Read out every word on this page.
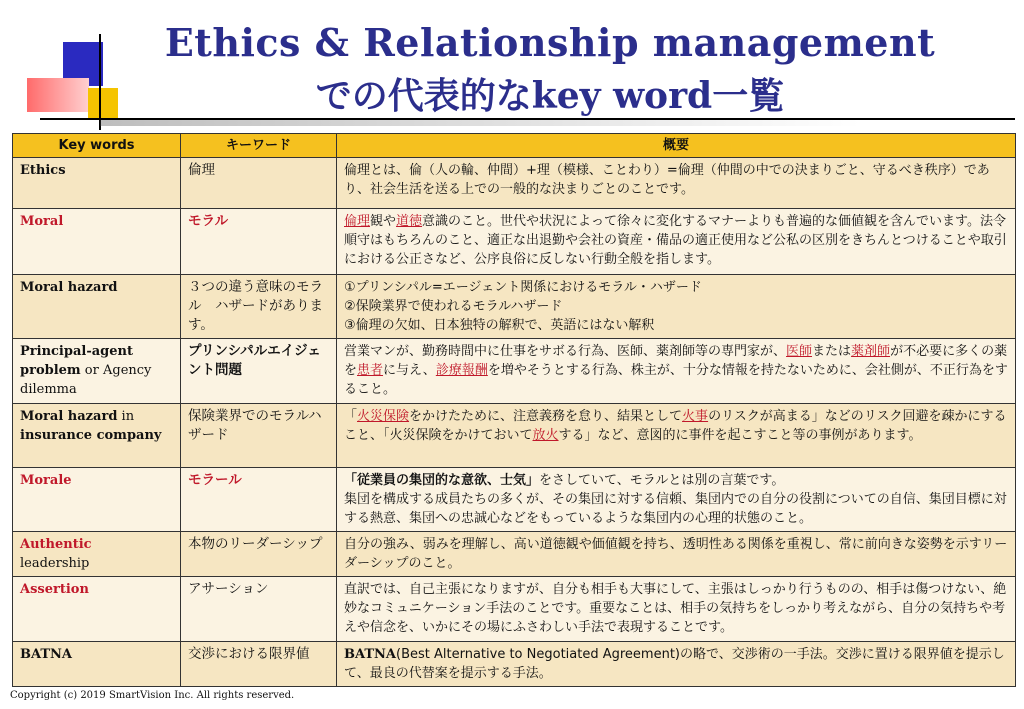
Ethics & Relationship management
での代表的なkey word一覧
Key words	キーワード	概要
Ethics	倫理	倫理とは、倫（人の輪、仲間）+理（模様、ことわり）=倫理（仲間の中での決まりごと、守るべき秩序）であり、社会生活を送る上での一般的な決まりごとのことです。
Moral	モラル	倫理観や道徳意識のこと。世代や状況によって徐々に変化するマナーよりも普遍的な価値観を含んでいます。法令順守はもちろんのこと、適正な出退勤や会社の資産・備品の適正使用など公私の区別をきちんとつけることや取引における公正さなど、公序良俗に反しない行動全般を指します。
Moral hazard	３つの違う意味のモラル　ハザードがあります。	①プリンシパル=エージェント関係におけるモラル・ハザード
②保険業界で使われるモラルハザード
③倫理の欠如、日本独特の解釈で、英語にはない解釈

Principal-agent problem or Agency dilemma	プリンシパルエイジェント問題	営業マンが、勤務時間中に仕事をサボる行為、医師、薬剤師等の専門家が、医師または薬剤師が不必要に多くの薬を患者に与え、診療報酬を増やそうとする行為、株主が、十分な情報を持たないために、会社側が、不正行為をすること。
Moral hazard in
insurance company	保険業界でのモラルハザード	「火災保険をかけたために、注意義務を怠り、結果として火事のリスクが高まる」などのリスク回避を疎かにすること、「火災保険をかけておいて放火する」など、意図的に事件を起こすこと等の事例があります。
Morale	モラール	「従業員の集団的な意欲、士気」をさしていて、モラルとは別の言葉です。
集団を構成する成員たちの多くが、その集団に対する信頼、集団内での自分の役割についての自信、集団目標に対する熱意、集団への忠誠心などをもっているような集団内の心理的状態のこと。
Authentic
leadership	本物のリーダーシップ	自分の強み、弱みを理解し、高い道徳観や価値観を持ち、透明性ある関係を重視し、常に前向きな姿勢を示すリーダーシップのこと。
Assertion	アサーション	直訳では、自己主張になりますが、自分も相手も大事にして、主張はしっかり行うものの、相手は傷つけない、絶妙なコミュニケーション手法のことです。重要なことは、相手の気持ちをしっかり考えながら、自分の気持ちや考えや信念を、いかにその場にふさわしい手法で表現することです。
BATNA	交渉における限界値	BATNA(Best Alternative to Negotiated Agreement)の略で、交渉術の一手法。交渉に置ける限界値を提示して、最良の代替案を提示する手法。
Copyright (c) 2019 SmartVision Inc. All rights reserved.
